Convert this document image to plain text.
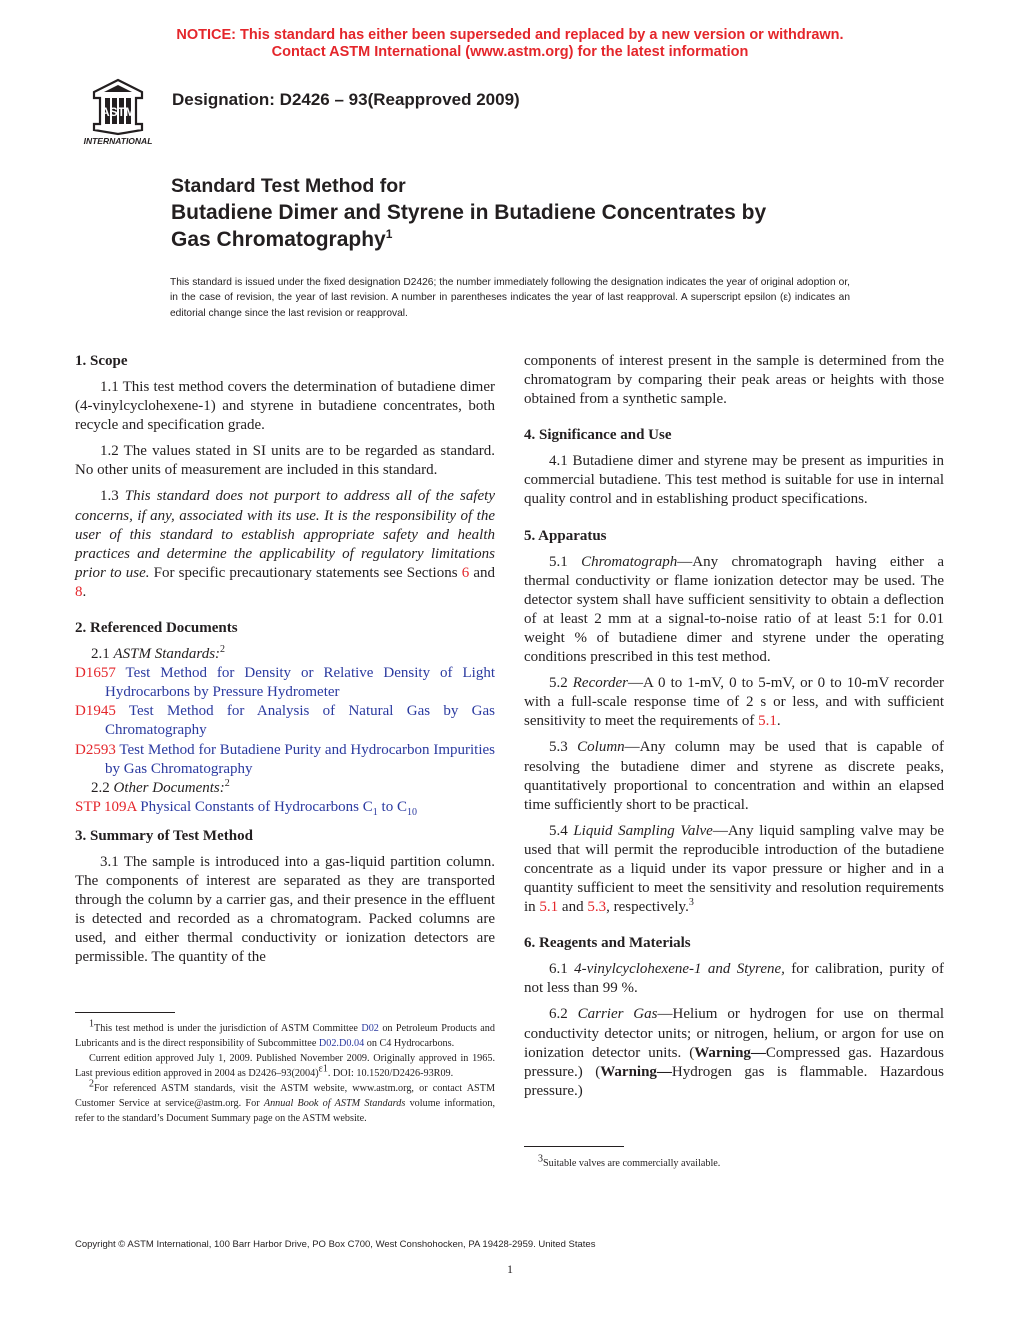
NOTICE: This standard has either been superseded and replaced by a new version or withdrawn.
Contact ASTM International (www.astm.org) for the latest information
ASTM
INTERNATIONAL
Designation: D2426 – 93(Reapproved 2009)
Standard Test Method for
Butadiene Dimer and Styrene in Butadiene Concentrates by
Gas Chromatography$^1$
This standard is issued under the fixed designation D2426; the number immediately following the designation indicates the year of original adoption or, in the case of revision, the year of last revision. A number in parentheses indicates the year of last reapproval. A superscript epsilon (ε) indicates an editorial change since the last revision or reapproval.
1. Scope

1.1 This test method covers the determination of butadiene dimer (4-vinylcyclohexene-1) and styrene in butadiene concentrates, both recycle and specification grade.

1.2 The values stated in SI units are to be regarded as standard. No other units of measurement are included in this standard.

1.3 This standard does not purport to address all of the safety concerns, if any, associated with its use. It is the responsibility of the user of this standard to establish appropriate safety and health practices and determine the applicability of regulatory limitations prior to use. For specific precautionary statements see Sections 6 and 8.

2. Referenced Documents
2.1 ASTM Standards:$^2$
D1657 Test Method for Density or Relative Density of Light Hydrocarbons by Pressure Hydrometer
D1945 Test Method for Analysis of Natural Gas by Gas Chromatography
D2593 Test Method for Butadiene Purity and Hydrocarbon Impurities by Gas Chromatography
2.2 Other Documents:$^2$
STP 109A Physical Constants of Hydrocarbons $C_1$ to $C_{10}$
3. Summary of Test Method

3.1 The sample is introduced into a gas-liquid partition column. The components of interest are separated as they are transported through the column by a carrier gas, and their presence in the effluent is detected and recorded as a chromatogram. Packed columns are used, and either thermal conductivity or ionization detectors are permissible. The quantity of the

components of interest present in the sample is determined from the chromatogram by comparing their peak areas or heights with those obtained from a synthetic sample.

4. Significance and Use

4.1 Butadiene dimer and styrene may be present as impurities in commercial butadiene. This test method is suitable for use in internal quality control and in establishing product specifications.

5. Apparatus

5.1 Chromatograph—Any chromatograph having either a thermal conductivity or flame ionization detector may be used. The detector system shall have sufficient sensitivity to obtain a deflection of at least 2 mm at a signal-to-noise ratio of at least 5:1 for 0.01 weight % of butadiene dimer and styrene under the operating conditions prescribed in this test method.

5.2 Recorder—A 0 to 1-mV, 0 to 5-mV, or 0 to 10-mV recorder with a full-scale response time of 2 s or less, and with sufficient sensitivity to meet the requirements of 5.1.

5.3 Column—Any column may be used that is capable of resolving the butadiene dimer and styrene as discrete peaks, quantitatively proportional to concentration and within an elapsed time sufficiently short to be practical.

5.4 Liquid Sampling Valve—Any liquid sampling valve may be used that will permit the reproducible introduction of the butadiene concentrate as a liquid under its vapor pressure or higher and in a quantity sufficient to meet the sensitivity and resolution requirements in 5.1 and 5.3, respectively.$^3$

6. Reagents and Materials

6.1 4-vinylcyclohexene-1 and Styrene, for calibration, purity of not less than 99 %.

6.2 Carrier Gas—Helium or hydrogen for use on thermal conductivity detector units; or nitrogen, helium, or argon for use on ionization detector units. (Warning—Compressed gas. Hazardous pressure.) (Warning—Hydrogen gas is flammable. Hazardous pressure.)

$^1$This test method is under the jurisdiction of ASTM Committee D02 on Petroleum Products and Lubricants and is the direct responsibility of Subcommittee D02.D0.04 on C4 Hydrocarbons.

Current edition approved July 1, 2009. Published November 2009. Originally approved in 1965. Last previous edition approved in 2004 as D2426–93(2004)$^{\varepsilon 1}$. DOI: 10.1520/D2426-93R09.

$^2$For referenced ASTM standards, visit the ASTM website, www.astm.org, or contact ASTM Customer Service at service@astm.org. For Annual Book of ASTM Standards volume information, refer to the standard’s Document Summary page on the ASTM website.

$^3$Suitable valves are commercially available.

Copyright © ASTM International, 100 Barr Harbor Drive, PO Box C700, West Conshohocken, PA 19428-2959. United States
1
